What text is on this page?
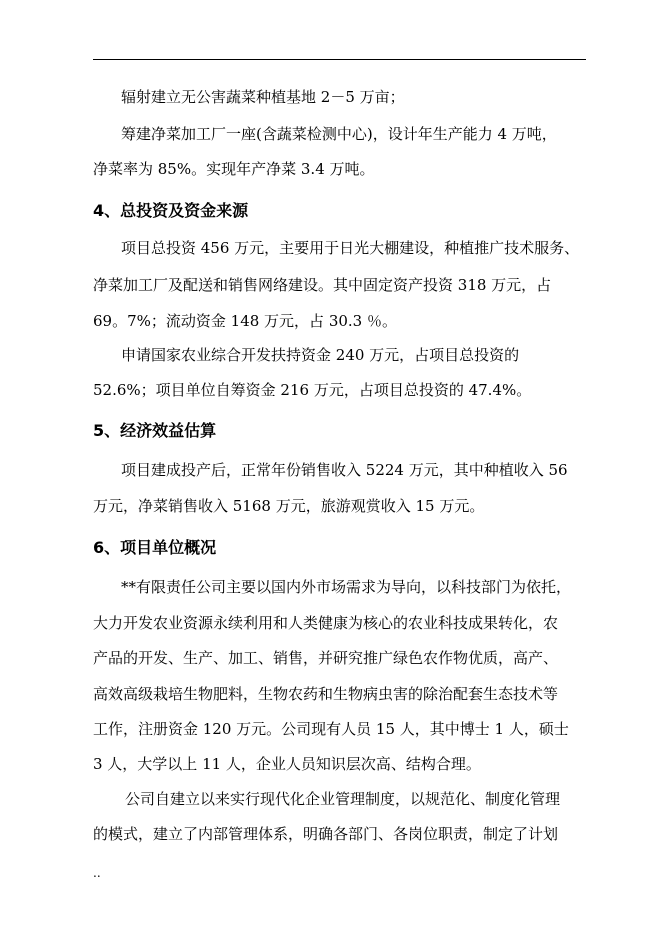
辐射建立无公害蔬菜种植基地 2－5 万亩；
筹建净菜加工厂一座(含蔬菜检测中心)，设计年生产能力 4 万吨，
净菜率为 85%。实现年产净菜 3.4 万吨。
4、总投资及资金来源
项目总投资 456 万元，主要用于日光大棚建设，种植推广技术服务、
净菜加工厂及配送和销售网络建设。其中固定资产投资 318 万元，占
69。7%；流动资金 148 万元，占 30.3 ％。
申请国家农业综合开发扶持资金 240 万元，占项目总投资的
52.6%；项目单位自筹资金 216 万元，占项目总投资的 47.4%。
5、经济效益估算
项目建成投产后，正常年份销售收入 5224 万元，其中种植收入 56
万元，净菜销售收入 5168 万元，旅游观赏收入 15 万元。
6、项目单位概况
**有限责任公司主要以国内外市场需求为导向，以科技部门为依托，
大力开发农业资源永续利用和人类健康为核心的农业科技成果转化，农
产品的开发、生产、加工、销售，并研究推广绿色农作物优质，高产、
高效高级栽培生物肥料，生物农药和生物病虫害的除治配套生态技术等
工作，注册资金 120 万元。公司现有人员 15 人，其中博士 1 人，硕士
3 人，大学以上 11 人，企业人员知识层次高、结构合理。
公司自建立以来实行现代化企业管理制度，以规范化、制度化管理
的模式，建立了内部管理体系，明确各部门、各岗位职责，制定了计划
..
